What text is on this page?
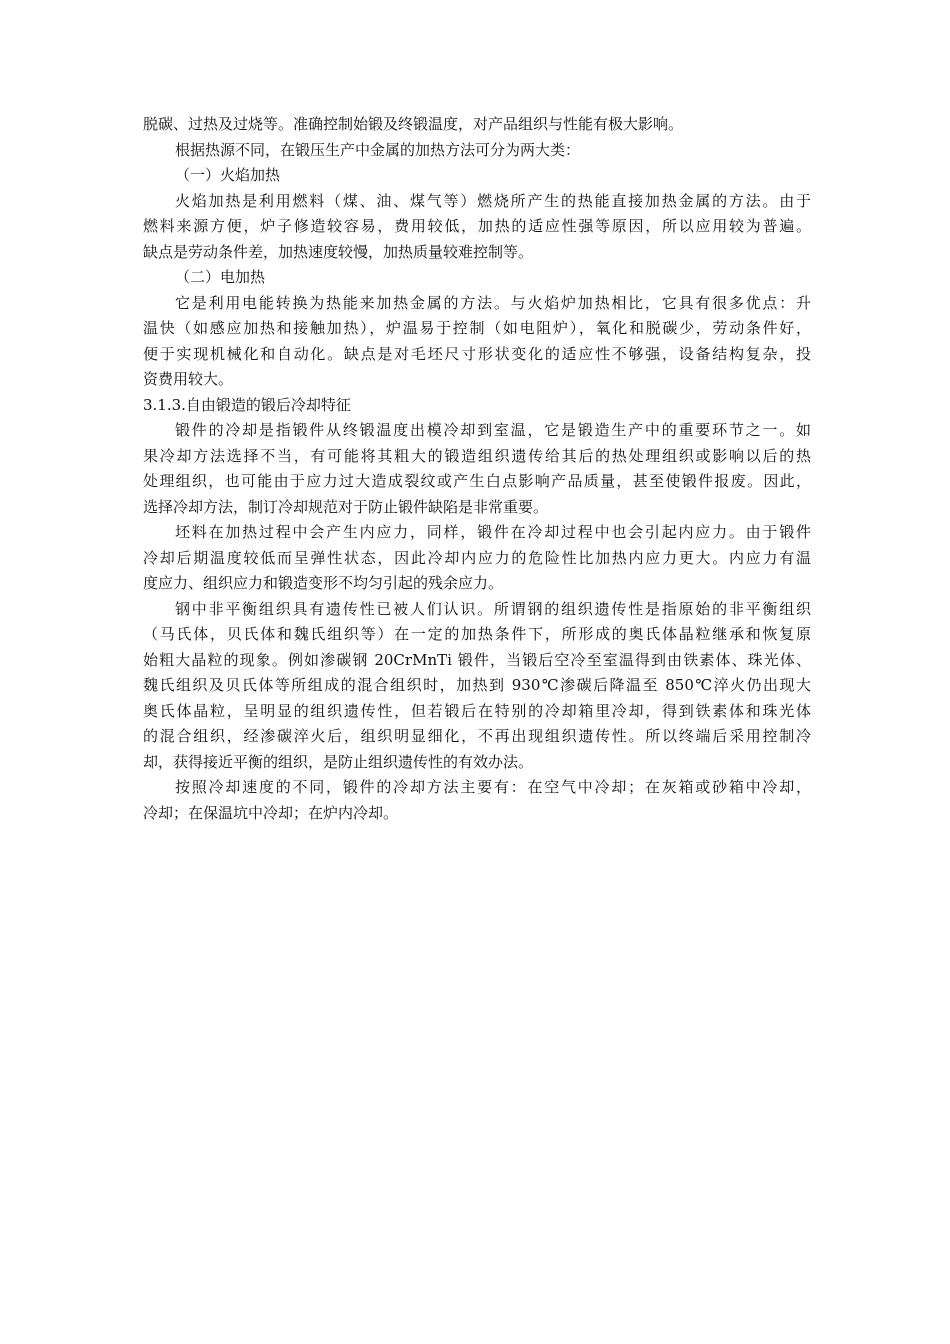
脱碳、过热及过烧等。准确控制始锻及终锻温度，对产品组织与性能有极大影响。
根据热源不同，在锻压生产中金属的加热方法可分为两大类：
（一）火焰加热
火焰加热是利用燃料（煤、油、煤气等）燃烧所产生的热能直接加热金属的方法。由于
燃料来源方便，炉子修造较容易，费用较低，加热的适应性强等原因，所以应用较为普遍。
缺点是劳动条件差，加热速度较慢，加热质量较难控制等。
（二）电加热
它是利用电能转换为热能来加热金属的方法。与火焰炉加热相比，它具有很多优点：升
温快（如感应加热和接触加热），炉温易于控制（如电阻炉），氧化和脱碳少，劳动条件好，
便于实现机械化和自动化。缺点是对毛坯尺寸形状变化的适应性不够强，设备结构复杂，投
资费用较大。
3.1.3.自由锻造的锻后冷却特征
锻件的冷却是指锻件从终锻温度出模冷却到室温，它是锻造生产中的重要环节之一。如
果冷却方法选择不当，有可能将其粗大的锻造组织遗传给其后的热处理组织或影响以后的热
处理组织，也可能由于应力过大造成裂纹或产生白点影响产品质量，甚至使锻件报废。因此，
选择冷却方法，制订冷却规范对于防止锻件缺陷是非常重要。
坯料在加热过程中会产生内应力，同样，锻件在冷却过程中也会引起内应力。由于锻件
冷却后期温度较低而呈弹性状态，因此冷却内应力的危险性比加热内应力更大。内应力有温
度应力、组织应力和锻造变形不均匀引起的残余应力。
钢中非平衡组织具有遗传性已被人们认识。所谓钢的组织遗传性是指原始的非平衡组织
（马氏体，贝氏体和魏氏组织等）在一定的加热条件下，所形成的奥氏体晶粒继承和恢复原
始粗大晶粒的现象。例如渗碳钢 20CrMnTi 锻件，当锻后空冷至室温得到由铁素体、珠光体、
魏氏组织及贝氏体等所组成的混合组织时，加热到 930℃渗碳后降温至 850℃淬火仍出现大
奥氏体晶粒，呈明显的组织遗传性，但若锻后在特别的冷却箱里冷却，得到铁素体和珠光体
的混合组织，经渗碳淬火后，组织明显细化，不再出现组织遗传性。所以终端后采用控制冷
却，获得接近平衡的组织，是防止组织遗传性的有效办法。
按照冷却速度的不同，锻件的冷却方法主要有：在空气中冷却；在灰箱或砂箱中冷却，
冷却；在保温坑中冷却；在炉内冷却。
